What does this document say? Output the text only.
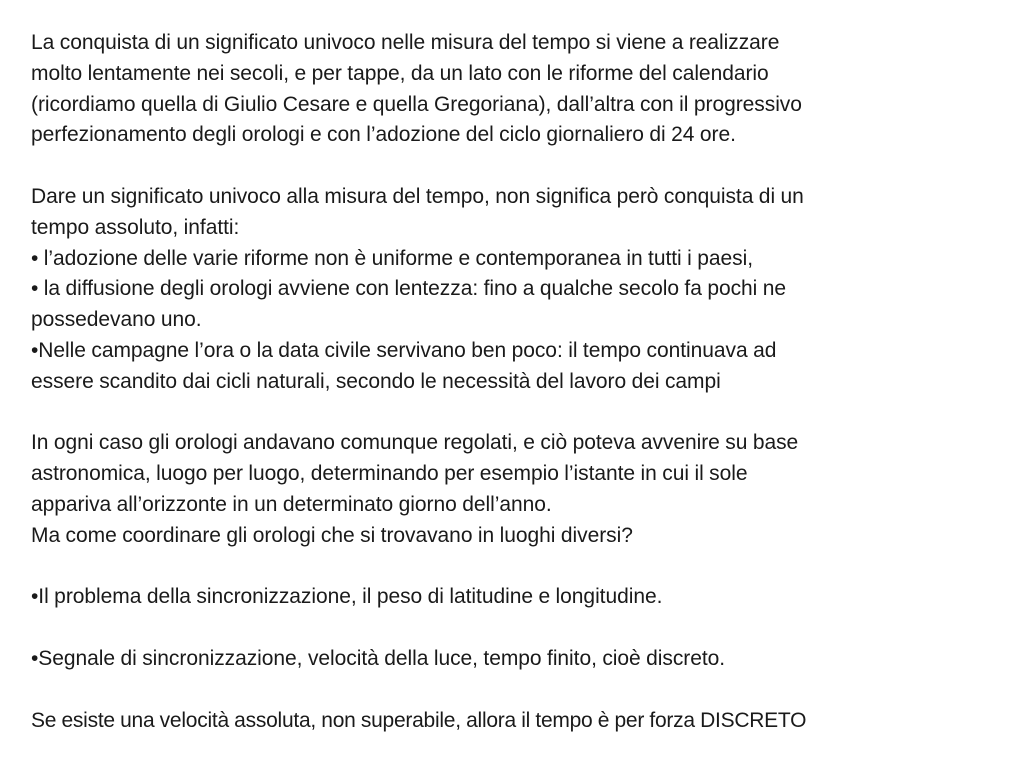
La conquista di un significato univoco nelle misura del tempo si viene a realizzare
molto lentamente nei secoli, e per tappe, da un lato con le riforme del calendario
(ricordiamo quella di Giulio Cesare e quella Gregoriana), dall’altra con il progressivo
perfezionamento degli orologi e con l’adozione del ciclo giornaliero di 24 ore.
Dare un significato univoco alla misura del tempo, non significa però conquista di un
tempo assoluto, infatti:
• l’adozione delle varie riforme non è uniforme e contemporanea in tutti i paesi,
• la diffusione degli orologi avviene con lentezza: fino a qualche secolo fa pochi ne
possedevano uno.
•Nelle campagne l’ora o la data civile servivano ben poco: il tempo continuava ad
essere scandito dai cicli naturali, secondo le necessità del lavoro dei campi
In ogni caso gli orologi andavano comunque regolati, e ciò poteva avvenire su base
astronomica, luogo per luogo, determinando per esempio l’istante in cui il sole
appariva all’orizzonte in un determinato giorno dell’anno.
Ma come coordinare gli orologi che si trovavano in luoghi diversi?
•Il problema della sincronizzazione, il peso di latitudine e longitudine.
•Segnale di sincronizzazione, velocità della luce, tempo finito, cioè discreto.
Se esiste una velocità assoluta, non superabile, allora il tempo è per forza DISCRETO
